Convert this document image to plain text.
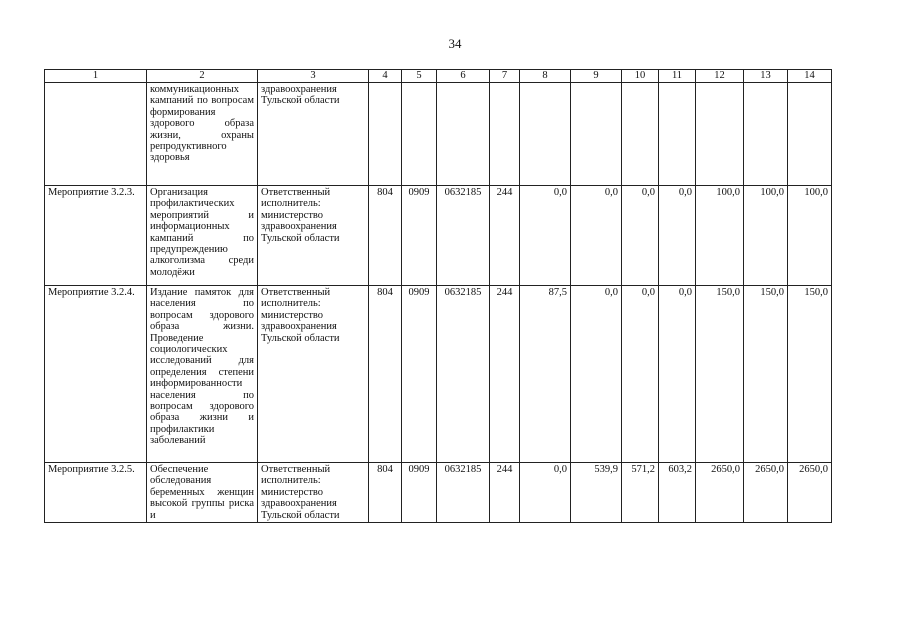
34
1	2	3	4	5	6	7	8	9	10	11	12	13	14
	коммуникационных кампаний по вопросам формирования здорового образа жизни, охраны репродуктивного здоровья	здравоохранения Тульской области											
Мероприятие 3.2.3.	Организация профилактических мероприятий и информационных кампаний по предупреждению алкоголизма среди молодёжи	Ответственный исполнитель: министерство здравоохранения Тульской области	804	0909	0632185	244	0,0	0,0	0,0	0,0	100,0	100,0	100,0
Мероприятие 3.2.4.	Издание памяток для населения по вопросам здорового образа жизни. Проведение социологических исследований для определения степени информированности населения по вопросам здорового образа жизни и профилактики заболеваний	Ответственный исполнитель: министерство здравоохранения Тульской области	804	0909	0632185	244	87,5	0,0	0,0	0,0	150,0	150,0	150,0
Мероприятие 3.2.5.	Обеспечение обследования беременных женщин высокой группы риска и	Ответственный исполнитель: министерство здравоохранения Тульской области	804	0909	0632185	244	0,0	539,9	571,2	603,2	2650,0	2650,0	2650,0
